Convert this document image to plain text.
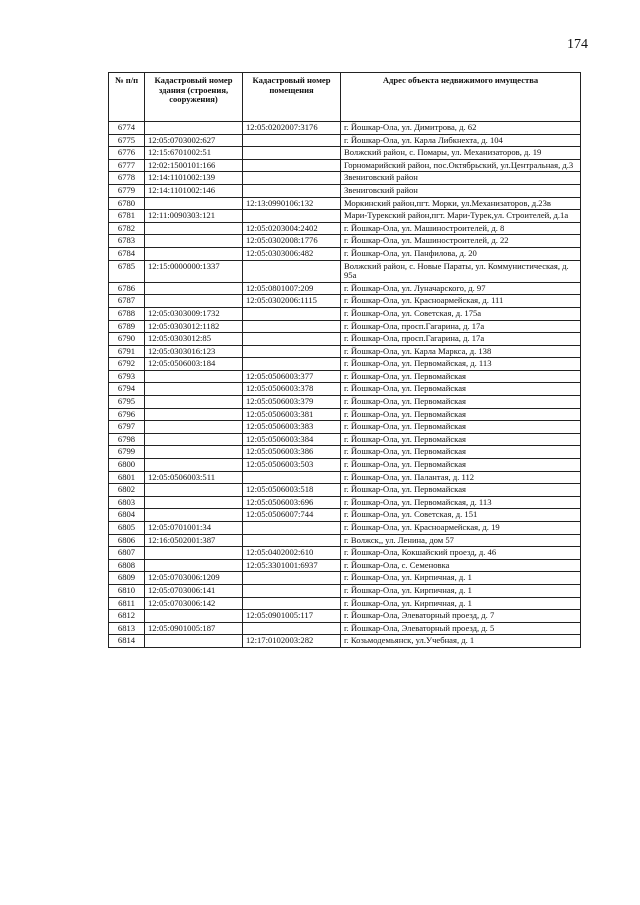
174
№ п/п	Кадастровый номер здания (строения, сооружения)	Кадастровый номер помещения	Адрес объекта недвижимого имущества
6774		12:05:0202007:3176	г. Йошкар-Ола, ул. Димитрова, д. 62
6775	12:05:0703002:627		г. Йошкар-Ола, ул. Карла Либкнехта, д. 104
6776	12:15:6701002:51		Волжский район, с. Помары, ул. Механизаторов, д. 19
6777	12:02:1500101:166		Горномарийский район, пос.Октябрьский, ул.Центральная, д.3
6778	12:14:1101002:139		Звениговский район
6779	12:14:1101002:146		Звениговский район
6780		12:13:0990106:132	Моркинский район,пгт. Морки, ул.Механизаторов, д.23в
6781	12:11:0090303:121		Мари-Турекский район,пгт. Мари-Турек,ул. Строителей, д.1а
6782		12:05:0203004:2402	г. Йошкар-Ола, ул. Машиностроителей, д. 8
6783		12:05:0302008:1776	г. Йошкар-Ола, ул. Машиностроителей, д. 22
6784		12:05:0303006:482	г. Йошкар-Ола, ул. Панфилова, д. 20
6785	12:15:0000000:1337		Волжский район, с. Новые Параты, ул. Коммунистическая, д. 95а
6786		12:05:0801007:209	г. Йошкар-Ола, ул. Луначарского, д. 97
6787		12:05:0302006:1115	г. Йошкар-Ола, ул. Красноармейская, д. 111
6788	12:05:0303009:1732		г. Йошкар-Ола, ул. Советская, д. 175а
6789	12:05:0303012:1182		г. Йошкар-Ола, просп.Гагарина, д. 17а
6790	12:05:0303012:85		г. Йошкар-Ола, просп.Гагарина, д. 17а
6791	12:05:0303016:123		г. Йошкар-Ола, ул. Карла Маркса, д. 138
6792	12:05:0506003:184		г. Йошкар-Ола, ул. Первомайская, д. 113
6793		12:05:0506003:377	г. Йошкар-Ола, ул. Первомайская
6794		12:05:0506003:378	г. Йошкар-Ола, ул. Первомайская
6795		12:05:0506003:379	г. Йошкар-Ола, ул. Первомайская
6796		12:05:0506003:381	г. Йошкар-Ола, ул. Первомайская
6797		12:05:0506003:383	г. Йошкар-Ола, ул. Первомайская
6798		12:05:0506003:384	г. Йошкар-Ола, ул. Первомайская
6799		12:05:0506003:386	г. Йошкар-Ола, ул. Первомайская
6800		12:05:0506003:503	г. Йошкар-Ола, ул. Первомайская
6801	12:05:0506003:511		г. Йошкар-Ола, ул. Палантая, д. 112
6802		12:05:0506003:518	г. Йошкар-Ола, ул. Первомайская
6803		12:05:0506003:696	г. Йошкар-Ола, ул. Первомайская, д. 113
6804		12:05:0506007:744	г. Йошкар-Ола, ул. Советская, д. 151
6805	12:05:0701001:34		г. Йошкар-Ола, ул. Красноармейская, д. 19
6806	12:16:0502001:387		г. Волжск,, ул. Ленина, дом 57
6807		12:05:0402002:610	г. Йошкар-Ола, Кокшайский проезд, д. 46
6808		12:05:3301001:6937	г. Йошкар-Ола, с. Семеновка
6809	12:05:0703006:1209		г. Йошкар-Ола, ул. Кирпичная, д. 1
6810	12:05:0703006:141		г. Йошкар-Ола, ул. Кирпичная, д. 1
6811	12:05:0703006:142		г. Йошкар-Ола, ул. Кирпичная, д. 1
6812		12:05:0901005:117	г. Йошкар-Ола, Элеваторный проезд, д. 7
6813	12:05:0901005:187		г. Йошкар-Ола, Элеваторный проезд, д. 5
6814		12:17:0102003:282	г. Козьмодемьянск, ул.Учебная, д. 1
